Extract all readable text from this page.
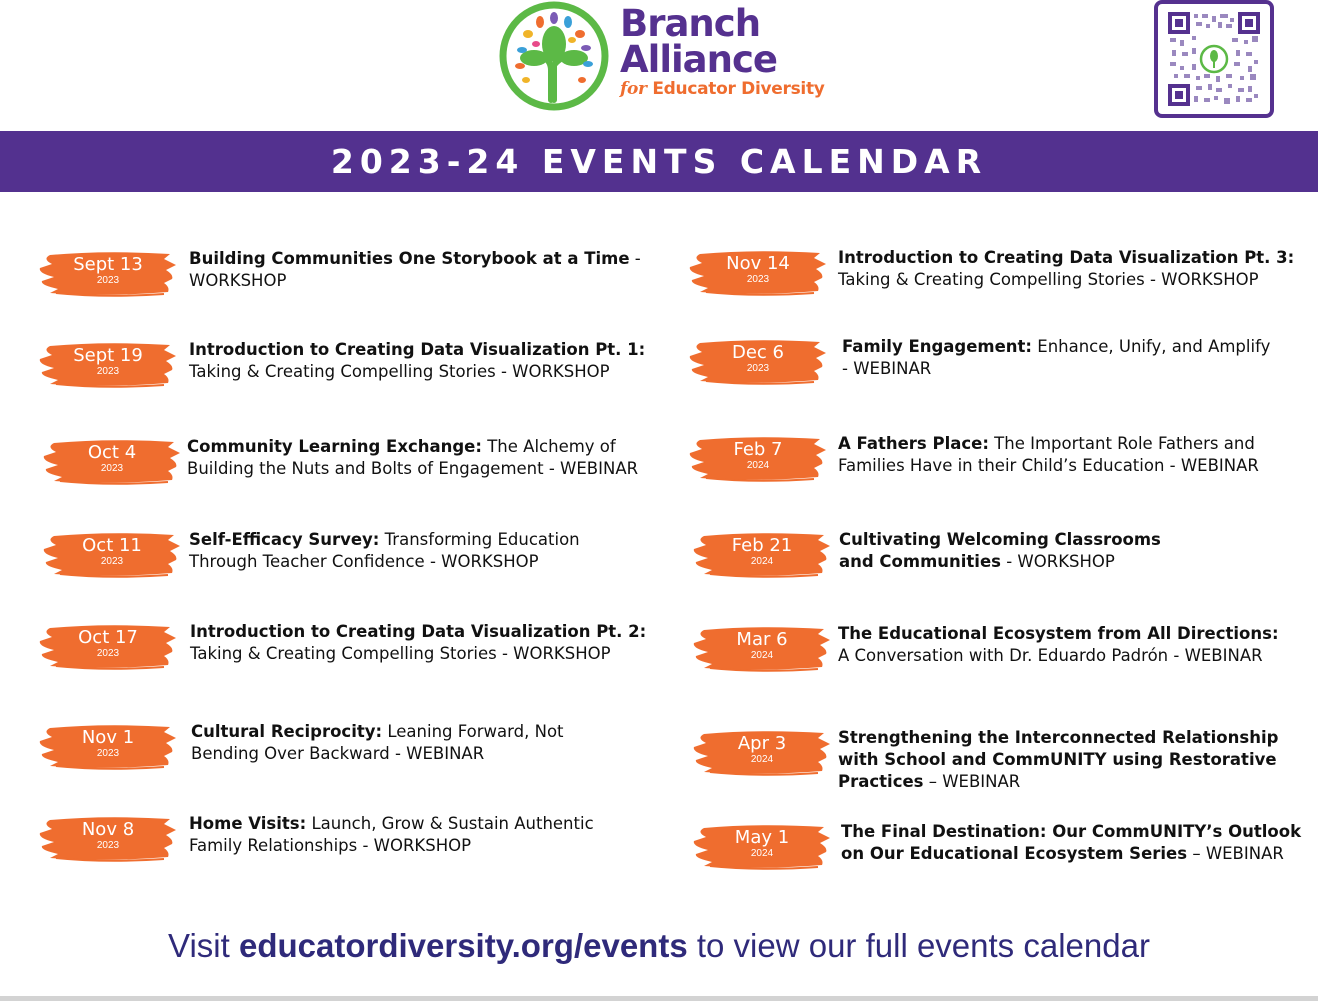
Branch
Alliance
for Educator Diversity
2023-24 EVENTS CALENDAR
Sept 13
2023
Building Communities One Storybook at a Time -
WORKSHOP
Sept 19
2023
Introduction to Creating Data Visualization Pt. 1:
Taking & Creating Compelling Stories - WORKSHOP
Oct 4
2023
Community Learning Exchange: The Alchemy of
Building the Nuts and Bolts of Engagement - WEBINAR
Oct 11
2023
Self-Efficacy Survey: Transforming Education
Through Teacher Confidence - WORKSHOP
Oct 17
2023
Introduction to Creating Data Visualization Pt. 2:
Taking & Creating Compelling Stories - WORKSHOP
Nov 1
2023
Cultural Reciprocity: Leaning Forward, Not
Bending Over Backward - WEBINAR
Nov 8
2023
Home Visits: Launch, Grow & Sustain Authentic
Family Relationships - WORKSHOP
Nov 14
2023
Introduction to Creating Data Visualization Pt. 3:
Taking & Creating Compelling Stories - WORKSHOP
Dec 6
2023
Family Engagement: Enhance, Unify, and Amplify
- WEBINAR
Feb 7
2024
A Fathers Place: The Important Role Fathers and
Families Have in their Child’s Education - WEBINAR
Feb 21
2024
Cultivating Welcoming Classrooms
and Communities - WORKSHOP
Mar 6
2024
The Educational Ecosystem from All Directions:
A Conversation with Dr. Eduardo Padrón - WEBINAR
Apr 3
2024
Strengthening the Interconnected Relationship
with School and CommUNITY using Restorative
Practices – WEBINAR
May 1
2024
The Final Destination: Our CommUNITY’s Outlook
on Our Educational Ecosystem Series – WEBINAR
Visit educatordiversity.org/events to view our full events calendar
